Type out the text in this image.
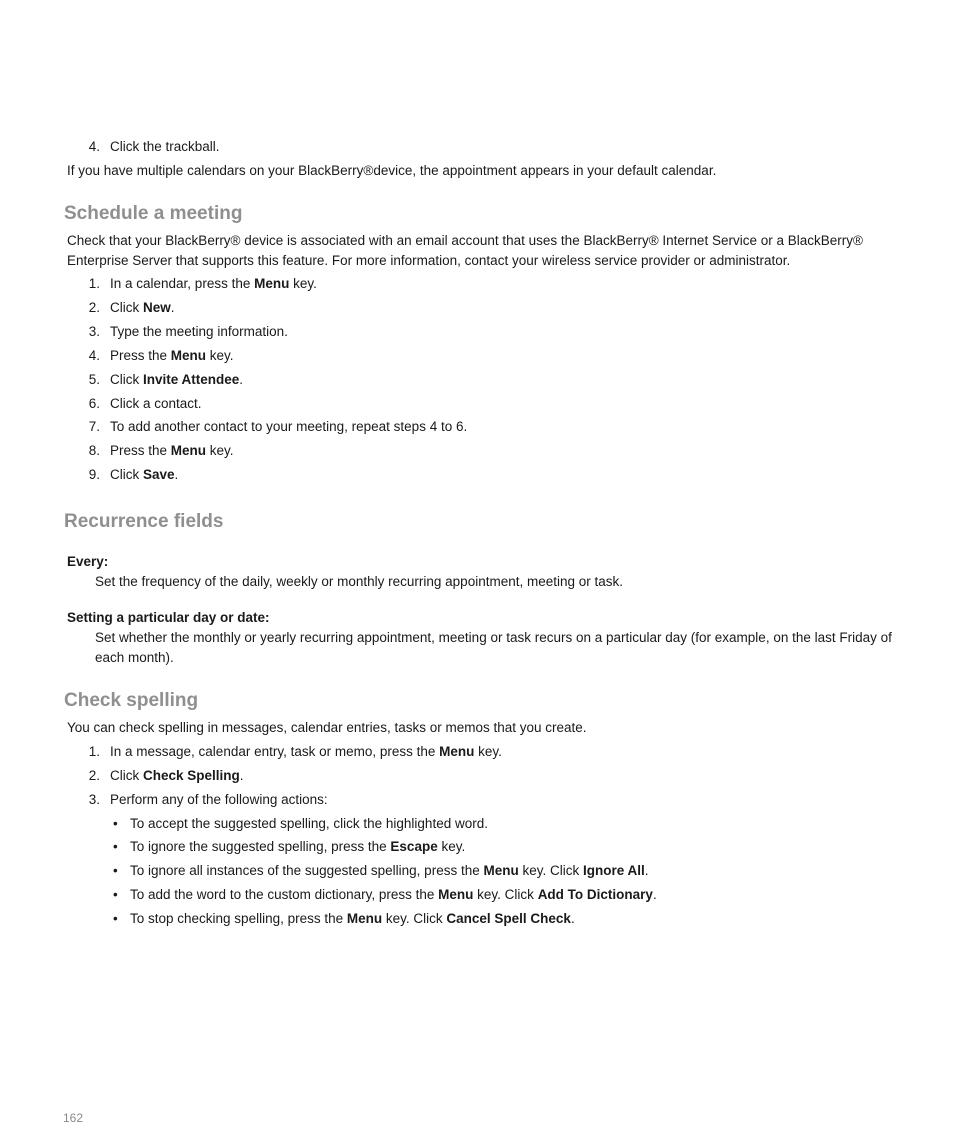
4. Click the trackball.
If you have multiple calendars on your BlackBerry®device, the appointment appears in your default calendar.
Schedule a meeting
Check that your BlackBerry® device is associated with an email account that uses the BlackBerry® Internet Service or a BlackBerry® Enterprise Server that supports this feature. For more information, contact your wireless service provider or administrator.
1. In a calendar, press the Menu key.
2. Click New.
3. Type the meeting information.
4. Press the Menu key.
5. Click Invite Attendee.
6. Click a contact.
7. To add another contact to your meeting, repeat steps 4 to 6.
8. Press the Menu key.
9. Click Save.
Recurrence fields
Every:
Set the frequency of the daily, weekly or monthly recurring appointment, meeting or task.
Setting a particular day or date:
Set whether the monthly or yearly recurring appointment, meeting or task recurs on a particular day (for example, on the last Friday of each month).
Check spelling
You can check spelling in messages, calendar entries, tasks or memos that you create.
1. In a message, calendar entry, task or memo, press the Menu key.
2. Click Check Spelling.
3. Perform any of the following actions:
• To accept the suggested spelling, click the highlighted word.
• To ignore the suggested spelling, press the Escape key.
• To ignore all instances of the suggested spelling, press the Menu key. Click Ignore All.
• To add the word to the custom dictionary, press the Menu key. Click Add To Dictionary.
• To stop checking spelling, press the Menu key. Click Cancel Spell Check.
162
